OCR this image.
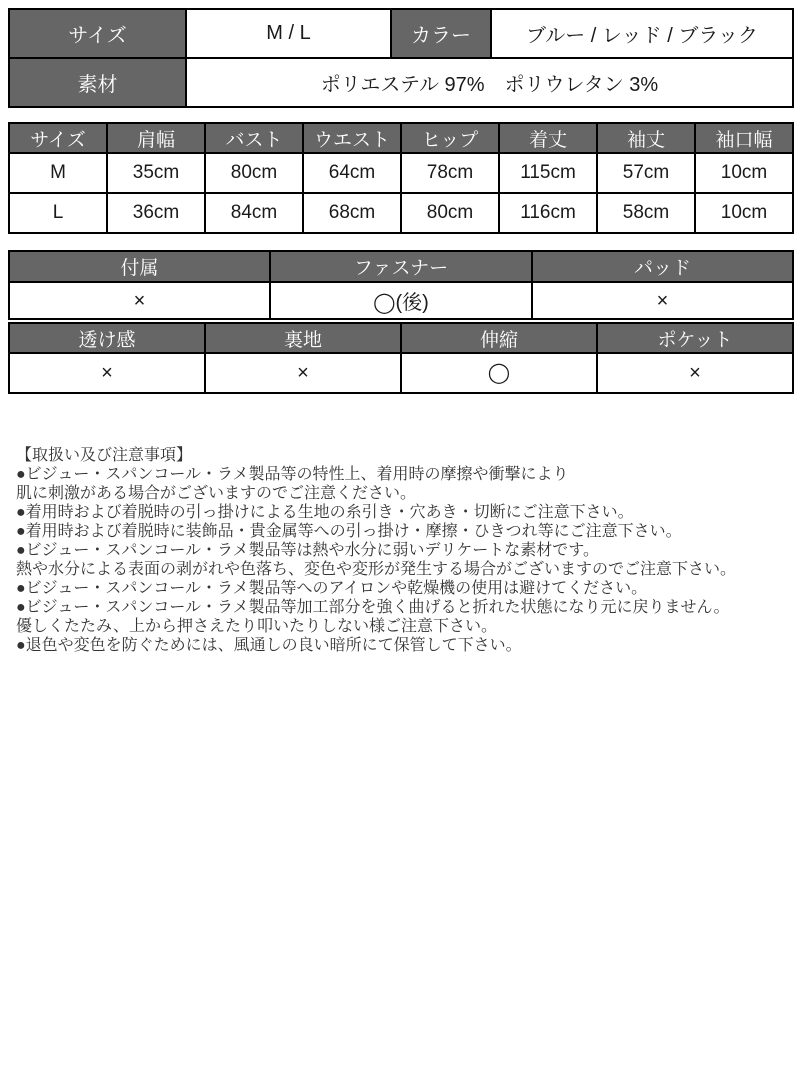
サイズ	M / L	カラー	ブルー / レッド / ブラック
素材	ポリエステル 97%　ポリウレタン 3%		
サイズ	肩幅	バスト	ウエスト	ヒップ	着丈	袖丈	袖口幅
M	35cm	80cm	64cm	78cm	115cm	57cm	10cm
L	36cm	84cm	68cm	80cm	116cm	58cm	10cm
付属	ファスナー	パッド
×	◯(後)	×
透け感	裏地	伸縮	ポケット
×	×	◯	×
【取扱い及び注意事項】
●ビジュー・スパンコール・ラメ製品等の特性上、着用時の摩擦や衝撃により
肌に刺激がある場合がございますのでご注意ください。
●着用時および着脱時の引っ掛けによる生地の糸引き・穴あき・切断にご注意下さい。
●着用時および着脱時に装飾品・貴金属等への引っ掛け・摩擦・ひきつれ等にご注意下さい。
●ビジュー・スパンコール・ラメ製品等は熱や水分に弱いデリケートな素材です。
熱や水分による表面の剥がれや色落ち、変色や変形が発生する場合がございますのでご注意下さい。
●ビジュー・スパンコール・ラメ製品等へのアイロンや乾燥機の使用は避けてください。
●ビジュー・スパンコール・ラメ製品等加工部分を強く曲げると折れた状態になり元に戻りません。
優しくたたみ、上から押さえたり叩いたりしない様ご注意下さい。
●退色や変色を防ぐためには、風通しの良い暗所にて保管して下さい。
